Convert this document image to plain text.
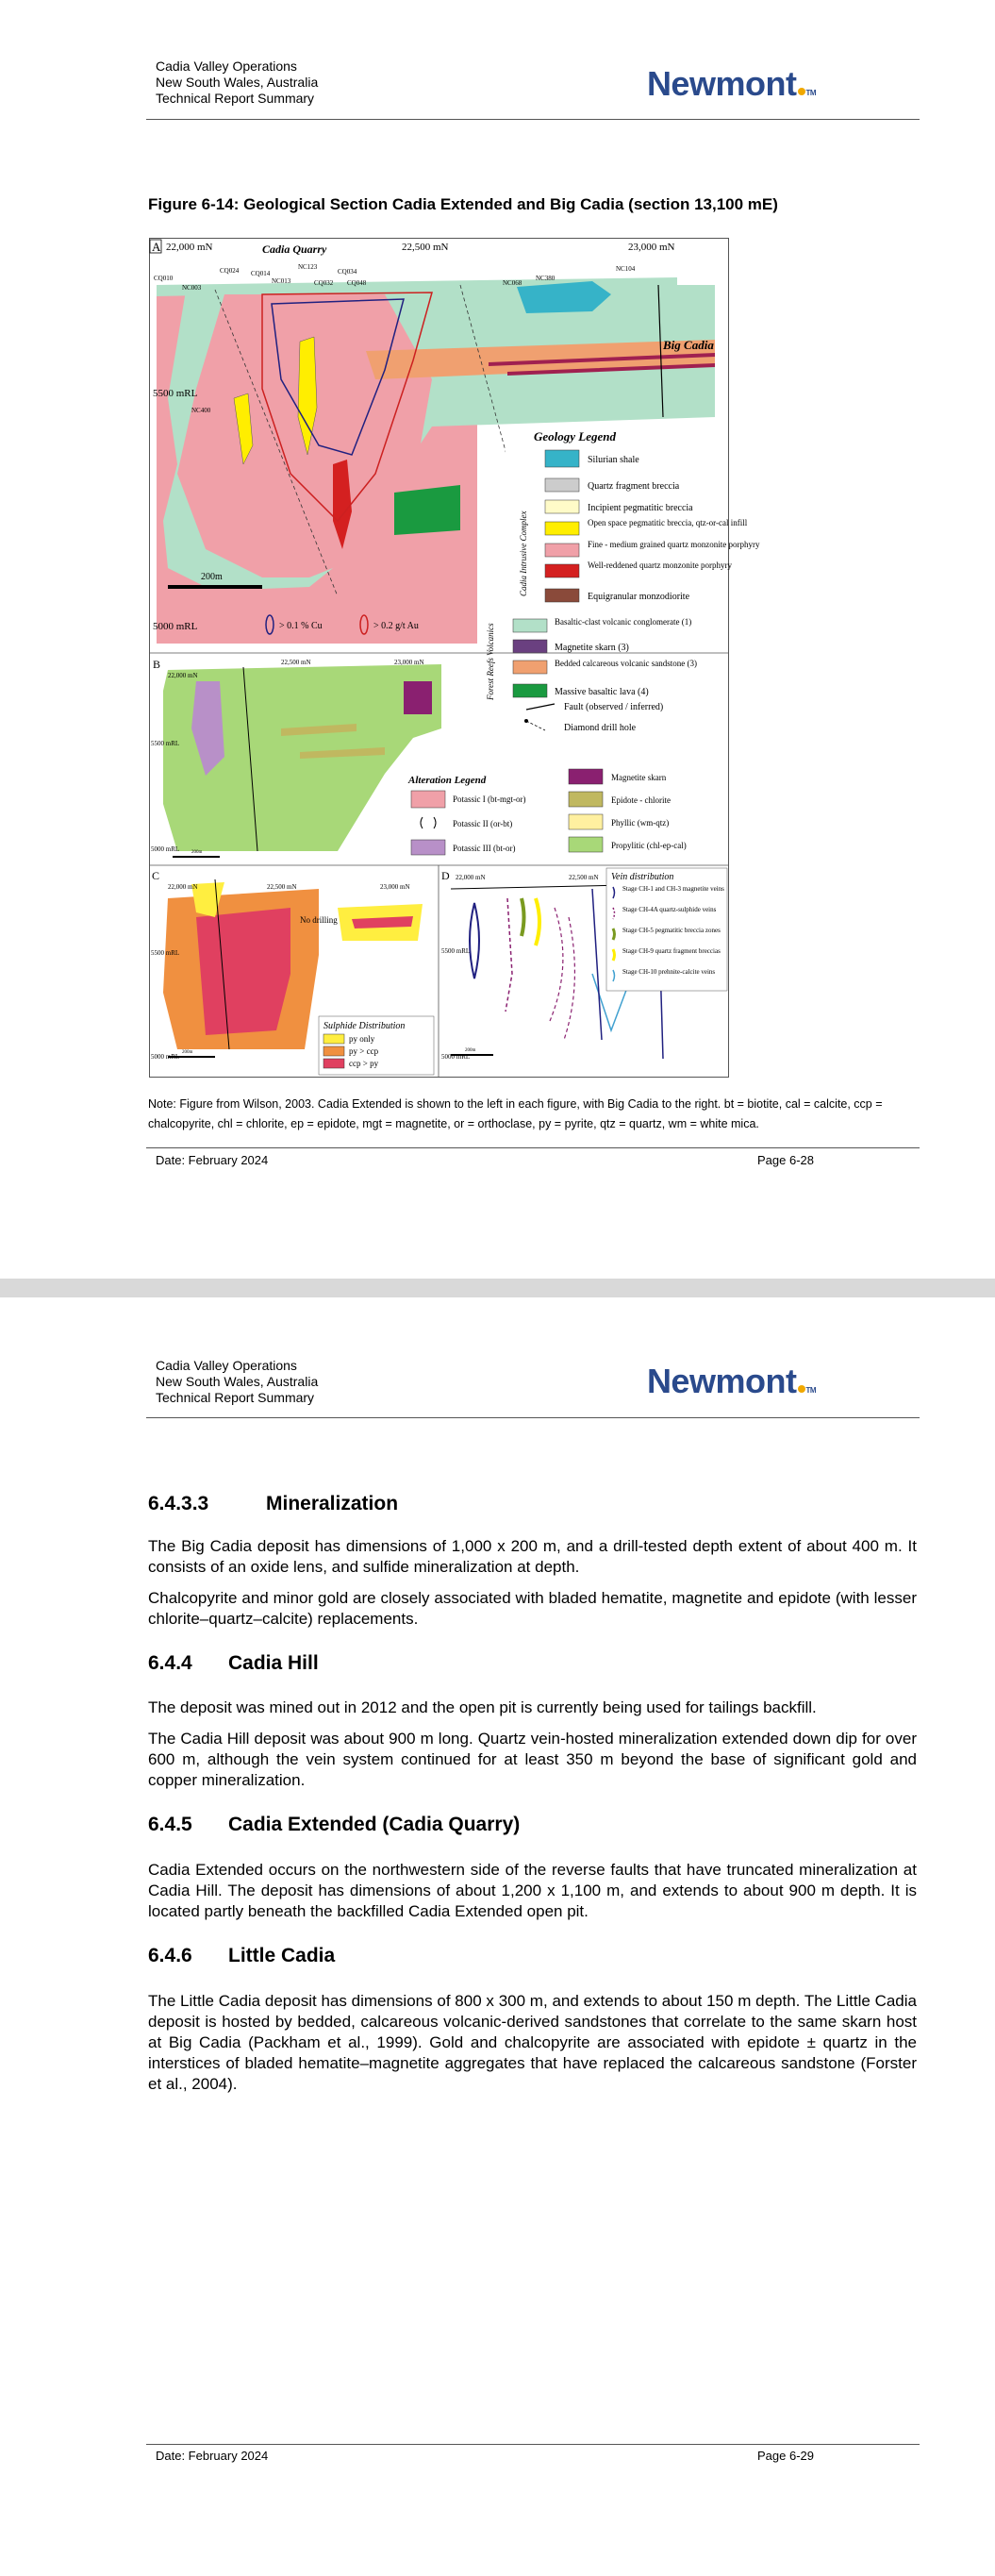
Cadia Valley Operations
New South Wales, Australia
Technical Report Summary	Newmont TM
Figure 6-14: Geological Section Cadia Extended and Big Cadia (section 13,100 mE)
A 22,000 mN	22,500 mN	23,000 mN
Cadia Quarry
Big Cadia
5500 mRL
5000 mRL
200m
> 0.1 % Cu	> 0.2 g/t Au
CQ010
CQ024 CQ014
NC003
NC013
NC123
CQ032
CQ034
CQ048	NC068
NC380
NC104
NC400
Geology Legend
Silurian shale
Quartz fragment breccia
Incipient pegmatitic breccia
Open space pegmatitic breccia, qtz-or-cal infill
Fine - medium grained quartz monzonite porphyry
Well-reddened quartz monzonite porphyry
Equigranular monzodiorite
Basaltic-clast volcanic conglomerate (1)
Magnetite skarn (3)
Bedded calcareous volcanic sandstone (3)
Massive basaltic lava (4)
Fault (observed / inferred)
Diamond drill hole
Cadia Intrusive Complex
Forest Reefs Volcanics
B
22,000 mN
22,500 mN	23,000 mN
5500 mRL
5000 mRL	200m
Alteration Legend
Potassic I (bt-mgt-or)
Potassic II (or-bt)
Potassic III (bt-or)
Magnetite skarn
Epidote - chlorite
Phyllic (wm-qtz)
Propylitic (chl-ep-cal)
C
22,000 mN	22,500 mN	23,000 mN
5500 mRL
5000 mRL
No drilling
200m
Sulphide Distribution
py only
py > ccp
ccp > py
D 22,000 mN	22,500 mN
5500 mRL
5000 mRL
200m
Vein distribution
Stage CH-1 and CH-3 magnetite veins
Stage CH-4A quartz-sulphide veins
Stage CH-5 pegmatitic breccia zones
Stage CH-9 quartz fragment breccias
Stage CH-10 prehnite-calcite veins
Note: Figure from Wilson, 2003. Cadia Extended is shown to the left in each figure, with Big Cadia to the right. bt = biotite, cal = calcite, ccp = chalcopyrite, chl = chlorite, ep = epidote, mgt = magnetite, or = orthoclase, py = pyrite, qtz = quartz, wm = white mica.
Date: February 2024	Page 6-28
Cadia Valley Operations
New South Wales, Australia
Technical Report Summary	Newmont TM
6.4.3.3	Mineralization
The Big Cadia deposit has dimensions of 1,000 x 200 m, and a drill-tested depth extent of about 400 m. It consists of an oxide lens, and sulfide mineralization at depth.
Chalcopyrite and minor gold are closely associated with bladed hematite, magnetite and epidote (with lesser chlorite–quartz–calcite) replacements.
6.4.4 Cadia Hill
The deposit was mined out in 2012 and the open pit is currently being used for tailings backfill.
The Cadia Hill deposit was about 900 m long. Quartz vein-hosted mineralization extended down dip for over 600 m, although the vein system continued for at least 350 m beyond the base of significant gold and copper mineralization.
6.4.5 Cadia Extended (Cadia Quarry)
Cadia Extended occurs on the northwestern side of the reverse faults that have truncated mineralization at Cadia Hill. The deposit has dimensions of about 1,200 x 1,100 m, and extends to about 900 m depth. It is located partly beneath the backfilled Cadia Extended open pit.
6.4.6 Little Cadia
The Little Cadia deposit has dimensions of 800 x 300 m, and extends to about 150 m depth. The Little Cadia deposit is hosted by bedded, calcareous volcanic-derived sandstones that correlate to the same skarn host at Big Cadia (Packham et al., 1999). Gold and chalcopyrite are associated with epidote ± quartz in the interstices of bladed hematite–magnetite aggregates that have replaced the calcareous sandstone (Forster et al., 2004).
Date: February 2024	Page 6-29
